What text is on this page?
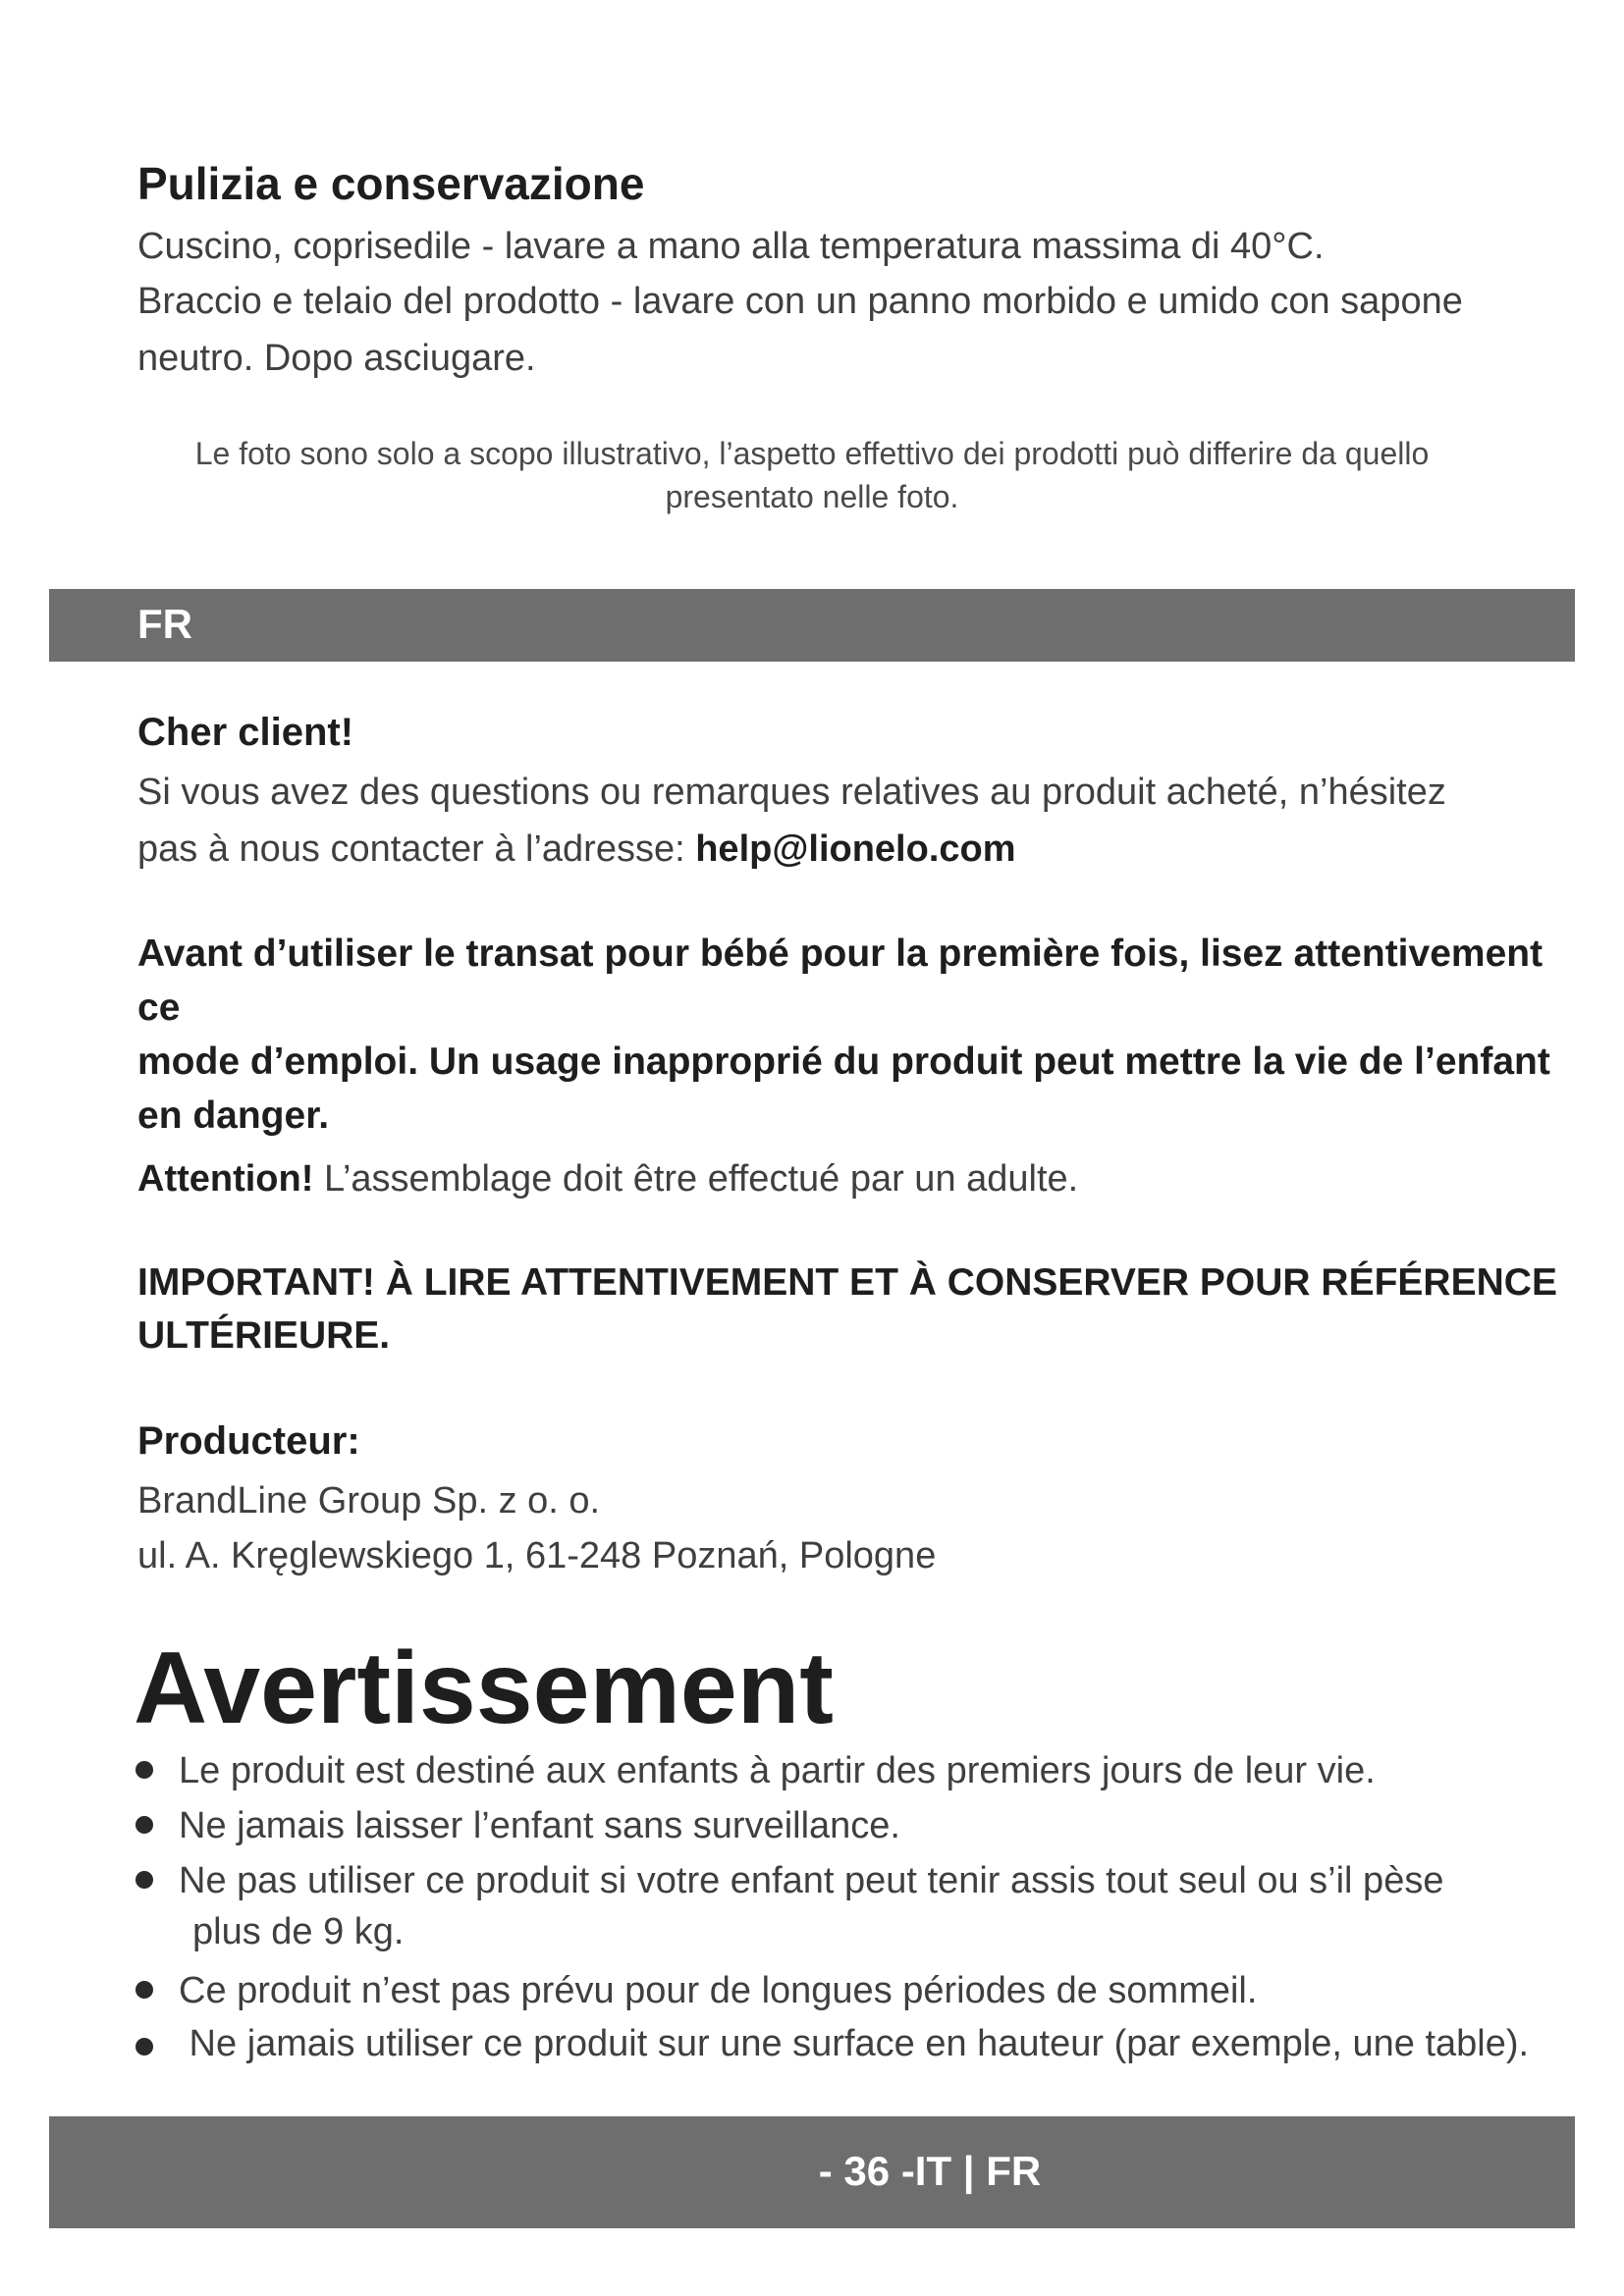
Pulizia e conservazione
Cuscino, coprisedile - lavare a mano alla temperatura massima di 40°C.
Braccio e telaio del prodotto - lavare con un panno morbido e umido con sapone
neutro. Dopo asciugare.
Le foto sono solo a scopo illustrativo, l’aspetto effettivo dei prodotti può differire da quello
presentato nelle foto.
FR
Cher client!
Si vous avez des questions ou remarques relatives au produit acheté, n’hésitez
pas à nous contacter à l’adresse: help@lionelo.com
Avant d’utiliser le transat pour bébé pour la première fois, lisez attentivement ce
mode d’emploi. Un usage inapproprié du produit peut mettre la vie de l’enfant
en danger.
Attention! L’assemblage doit être effectué par un adulte.
IMPORTANT! À LIRE ATTENTIVEMENT ET À CONSERVER POUR RÉFÉRENCE
ULTÉRIEURE.
Producteur:
BrandLine Group Sp. z o. o.
ul. A. Kręglewskiego 1, 61-248 Poznań, Pologne
Avertissement
Le produit est destiné aux enfants à partir des premiers jours de leur vie.
Ne jamais laisser l’enfant sans surveillance.
Ne pas utiliser ce produit si votre enfant peut tenir assis tout seul ou s’il pèse
plus de 9 kg.
Ce produit n’est pas prévu pour de longues périodes de sommeil.
Ne jamais utiliser ce produit sur une surface en hauteur (par exemple, une table).
- 36 -IT | FR
